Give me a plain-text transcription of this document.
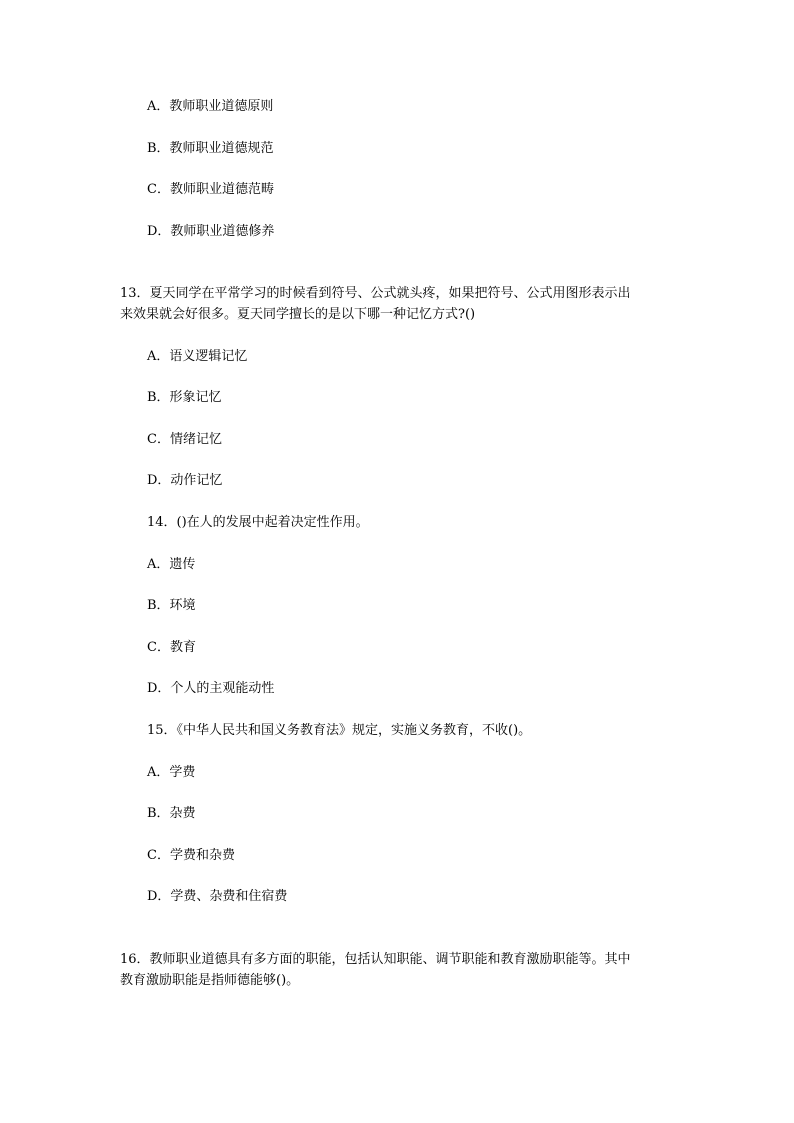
A．教师职业道德原则
B．教师职业道德规范
C．教师职业道德范畴
D．教师职业道德修养
13．夏天同学在平常学习的时候看到符号、公式就头疼，如果把符号、公式用图形表示出
来效果就会好很多。夏天同学擅长的是以下哪一种记忆方式?()
A．语义逻辑记忆
B．形象记忆
C．情绪记忆
D．动作记忆
14．()在人的发展中起着决定性作用。
A．遗传
B．环境
C．教育
D．个人的主观能动性
15．《中华人民共和国义务教育法》规定，实施义务教育，不收()。
A．学费
B．杂费
C．学费和杂费
D．学费、杂费和住宿费
16．教师职业道德具有多方面的职能，包括认知职能、调节职能和教育激励职能等。其中
教育激励职能是指师德能够()。
